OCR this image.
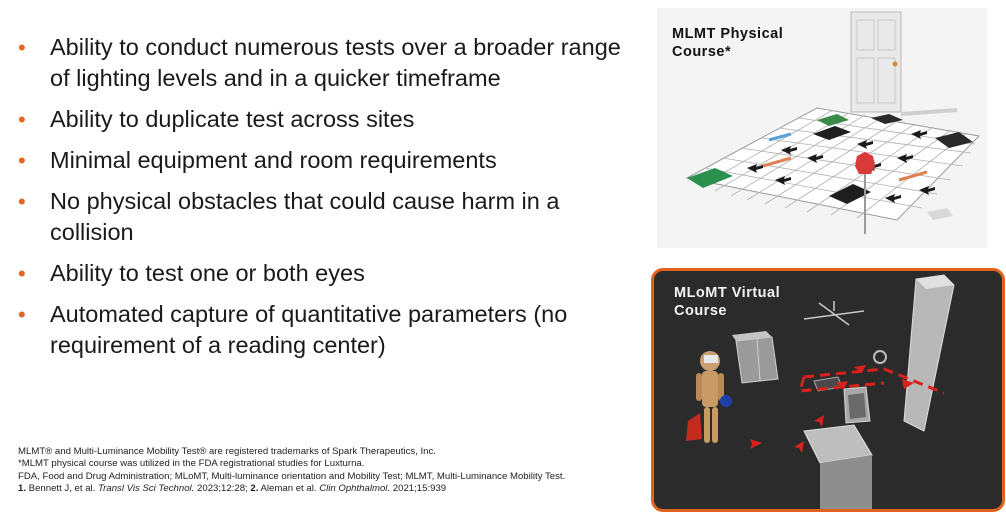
•	Ability to conduct numerous tests over a broader range of lighting levels and in a quicker timeframe
•	Ability to duplicate test across sites
•	Minimal equipment and room requirements
•	No physical obstacles that could cause harm in a collision
•	Ability to test one or both eyes
•	Automated capture of quantitative parameters (no requirement of a reading center)
MLMT® and Multi-Luminance Mobility Test® are registered trademarks of Spark Therapeutics, Inc.
*MLMT physical course was utilized in the FDA registrational studies for Luxturna.
FDA, Food and Drug Administration; MLoMT, Multi-luminance orientation and Mobility Test; MLMT, Multi-Luminance Mobility Test.
1. Bennett J, et al. Transl Vis Sci Technol. 2023;12:28; 2. Aleman et al. Clin Ophthalmol. 2021;15:939
MLMT Physical
Course*
MLoMT Virtual
Course
